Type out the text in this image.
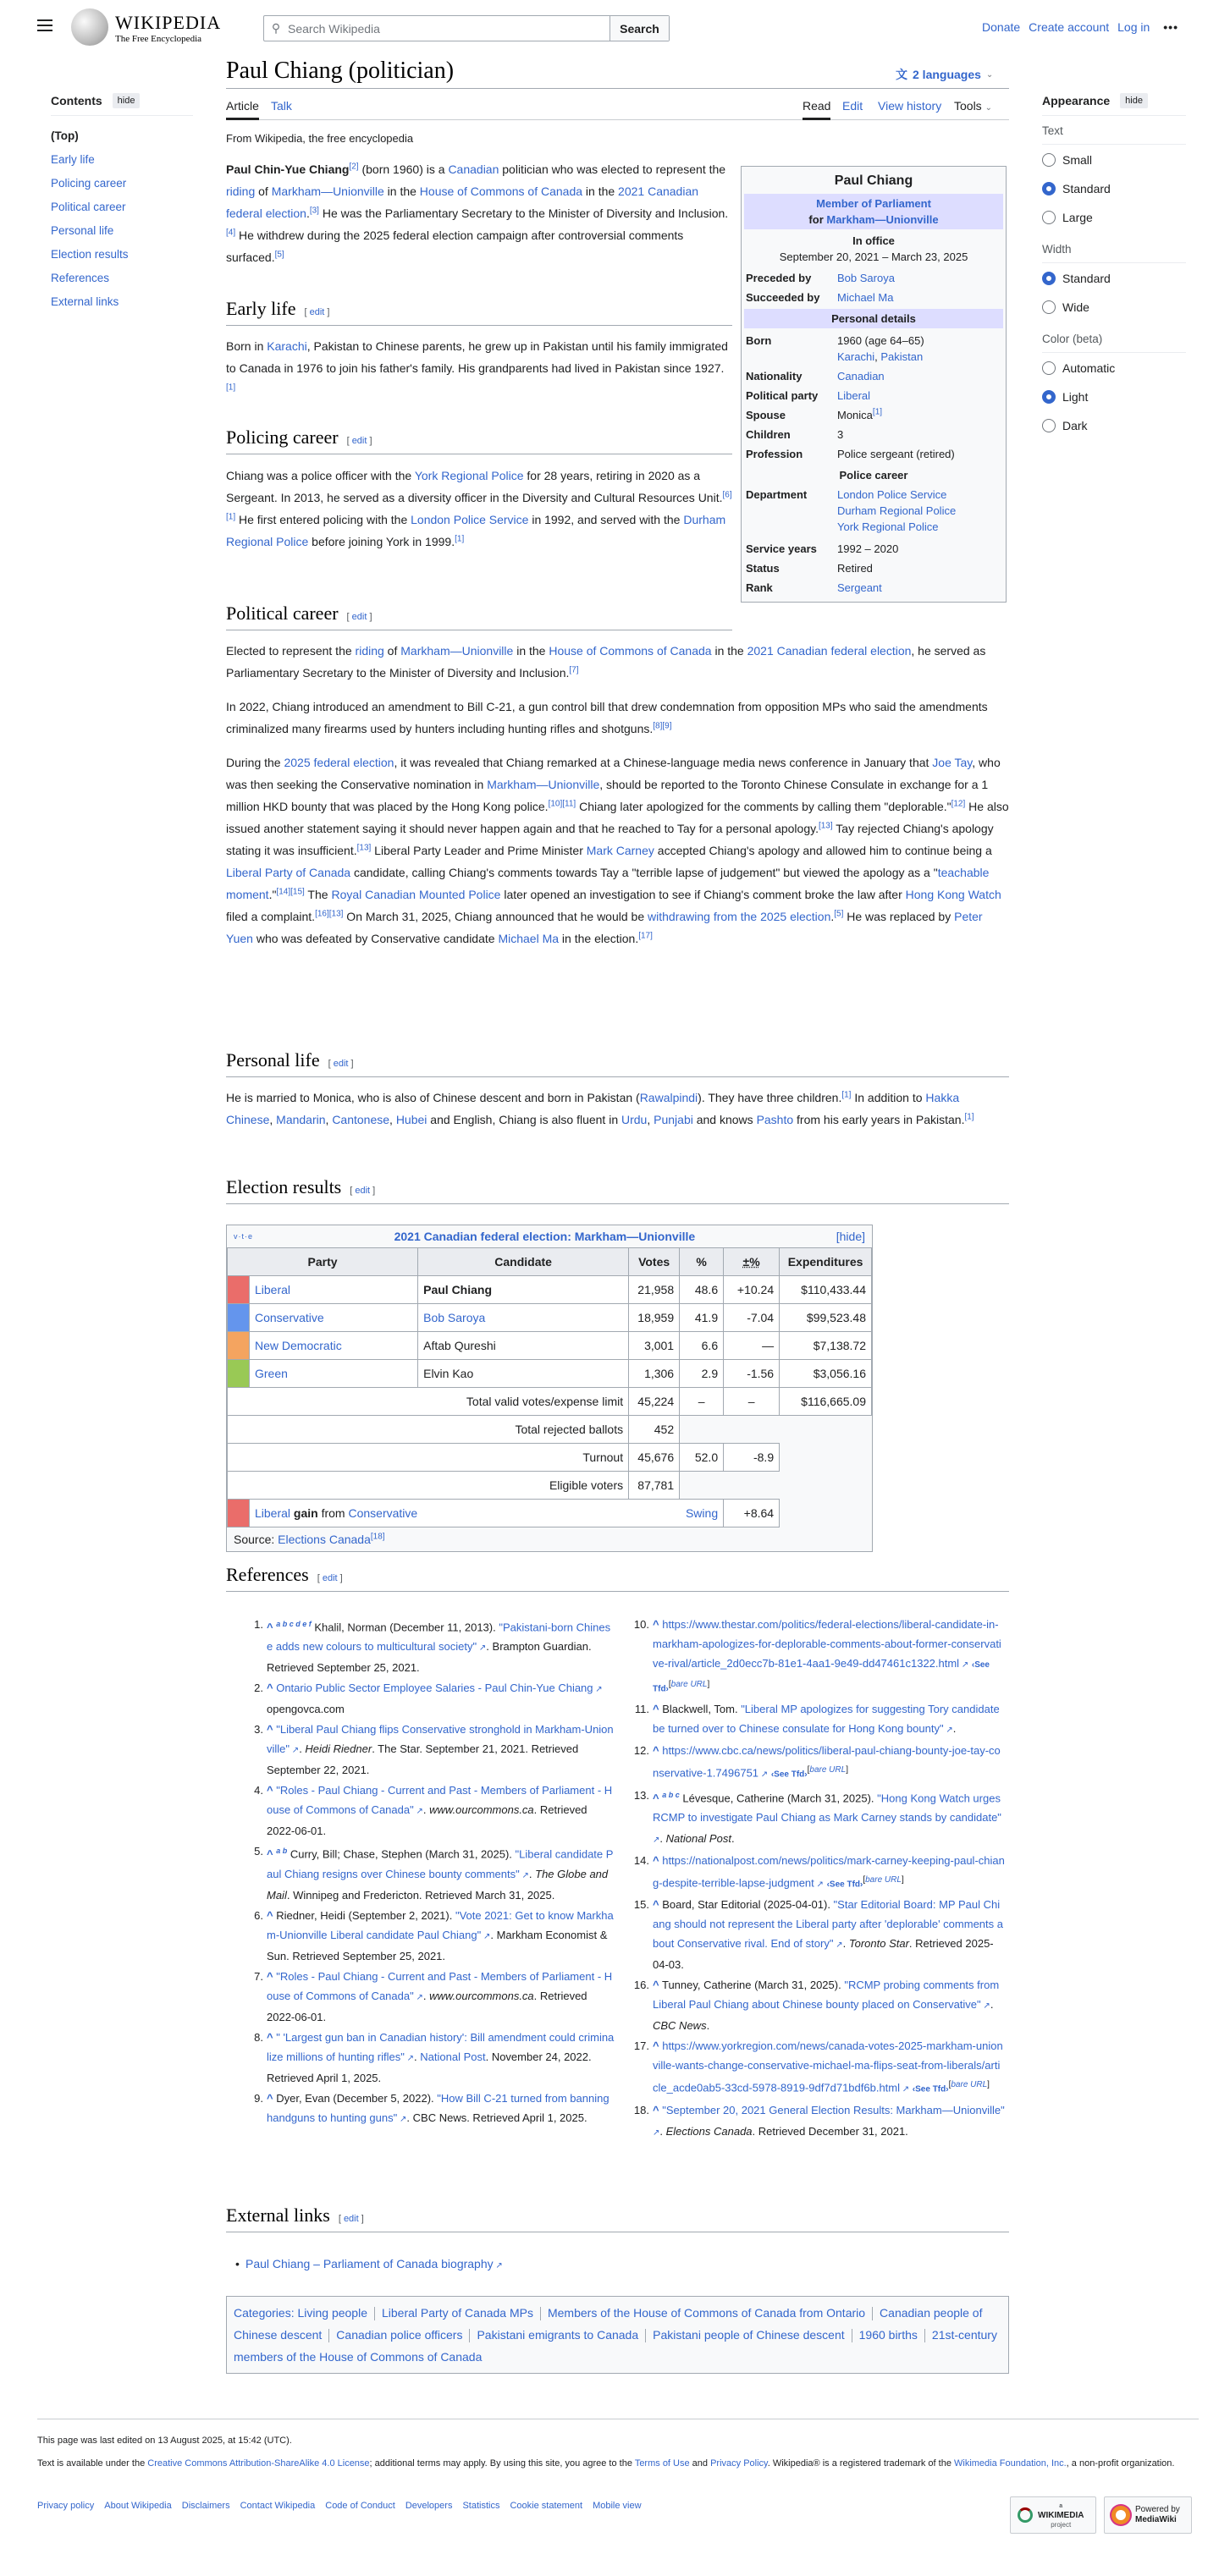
WIKIPEDIA
The Free Encyclopedia
⚲
Search Wikipedia	Search	Donate Create account Log in •••
Paul Chiang (politician)	文 2 languages ⌄
Article Talk	Read Edit View history Tools ⌄
From Wikipedia, the free encyclopedia
Contents	hide
(Top)
Early life
Policing career
Political career
Personal life
Election results
References
External links
Appearance	hide
Text
Small
Standard
Large
Width
Standard
Wide
Color (beta)
Automatic
Light
Dark
Paul Chiang
Member of Parliament
for Markham—Unionville
In office
September 20, 2021 – March 23, 2025
Preceded by	Bob Saroya
Succeeded by	Michael Ma
Personal details
Born	1960 (age 64–65)
Karachi, Pakistan
Nationality	Canadian
Political party	Liberal
Spouse	Monica[1]
Children	3
Profession	Police sergeant (retired)
Police career
Department	London Police Service
Durham Regional Police
York Regional Police
Service years	1992 – 2020
Status	Retired
Rank	Sergeant

Paul Chin-Yue Chiang[2] (born 1960) is a Canadian politician who was elected to represent the riding of Markham—Unionville in the House of Commons of Canada in the 2021 Canadian federal election.[3] He was the Parliamentary Secretary to the Minister of Diversity and Inclusion.[4] He withdrew during the 2025 federal election campaign after controversial comments surfaced.[5]

Early life [ edit ]

Born in Karachi, Pakistan to Chinese parents, he grew up in Pakistan until his family immigrated to Canada in 1976 to join his father's family. His grandparents had lived in Pakistan since 1927.[1]

Policing career [ edit ]

Chiang was a police officer with the York Regional Police for 28 years, retiring in 2020 as a Sergeant. In 2013, he served as a diversity officer in the Diversity and Cultural Resources Unit.[6][1] He first entered policing with the London Police Service in 1992, and served with the Durham Regional Police before joining York in 1999.[1]

Political career [ edit ]

Elected to represent the riding of Markham—Unionville in the House of Commons of Canada in the 2021 Canadian federal election, he served as Parliamentary Secretary to the Minister of Diversity and Inclusion.[7]

In 2022, Chiang introduced an amendment to Bill C-21, a gun control bill that drew condemnation from opposition MPs who said the amendments criminalized many firearms used by hunters including hunting rifles and shotguns.[8][9]

During the 2025 federal election, it was revealed that Chiang remarked at a Chinese-language media news conference in January that Joe Tay, who was then seeking the Conservative nomination in Markham—Unionville, should be reported to the Toronto Chinese Consulate in exchange for a 1 million HKD bounty that was placed by the Hong Kong police.[10][11] Chiang later apologized for the comments by calling them "deplorable."[12] He also issued another statement saying it should never happen again and that he reached to Tay for a personal apology.[13] Tay rejected Chiang's apology stating it was insufficient.[13] Liberal Party Leader and Prime Minister Mark Carney accepted Chiang's apology and allowed him to continue being a Liberal Party of Canada candidate, calling Chiang's comments towards Tay a "terrible lapse of judgement" but viewed the apology as a "teachable moment."[14][15] The Royal Canadian Mounted Police later opened an investigation to see if Chiang's comment broke the law after Hong Kong Watch filed a complaint.[16][13] On March 31, 2025, Chiang announced that he would be withdrawing from the 2025 election.[5] He was replaced by Peter Yuen who was defeated by Conservative candidate Michael Ma in the election.[17]

Personal life [ edit ]

He is married to Monica, who is also of Chinese descent and born in Pakistan (Rawalpindi). They have three children.[1] In addition to Hakka Chinese, Mandarin, Cantonese, Hubei and English, Chiang is also fluent in Urdu, Punjabi and knows Pashto from his early years in Pakistan.[1]

Election results [ edit ]
v·t·e	2021 Canadian federal election: Markham—Unionville	[hide]
Party		Candidate	Votes	%	±%	Expenditures
	Liberal	Paul Chiang	21,958	48.6	+10.24	$110,433.44
	Conservative	Bob Saroya	18,959	41.9	-7.04	$99,523.48
	New Democratic	Aftab Qureshi	3,001	6.6	—	$7,138.72
	Green	Elvin Kao	1,306	2.9	-1.56	$3,056.16
Total valid votes/expense limit			45,224	–	–	$116,665.09
Total rejected ballots			452			
Turnout			45,676	52.0	-8.9	
Eligible voters			87,781			
	Liberal gain from Conservative		Swing		+8.64	
Source: Elections Canada[18]
References [ edit ]
1. ^ $^{a b c d e f}$ Khalil, Norman (December 11, 2013). "Pakistani-born Chinese adds new colours to multicultural society" ↗. Brampton Guardian. Retrieved September 25, 2021.
2. ^ Ontario Public Sector Employee Salaries - Paul Chin-Yue Chiang ↗ opengovca.com
3. ^ "Liberal Paul Chiang flips Conservative stronghold in Markham-Unionville" ↗. Heidi Riedner. The Star. September 21, 2021. Retrieved September 22, 2021.
4. ^ "Roles - Paul Chiang - Current and Past - Members of Parliament - House of Commons of Canada" ↗. www.ourcommons.ca. Retrieved 2022-06-01.
5. ^ $^{a b}$ Curry, Bill; Chase, Stephen (March 31, 2025). "Liberal candidate Paul Chiang resigns over Chinese bounty comments" ↗. The Globe and Mail. Winnipeg and Fredericton. Retrieved March 31, 2025.
6. ^ Riedner, Heidi (September 2, 2021). "Vote 2021: Get to know Markham-Unionville Liberal candidate Paul Chiang" ↗. Markham Economist & Sun. Retrieved September 25, 2021.
7. ^ "Roles - Paul Chiang - Current and Past - Members of Parliament - House of Commons of Canada" ↗. www.ourcommons.ca. Retrieved 2022-06-01.
8. ^ " 'Largest gun ban in Canadian history': Bill amendment could criminalize millions of hunting rifles" ↗. National Post. November 24, 2022. Retrieved April 1, 2025.
9. ^ Dyer, Evan (December 5, 2022). "How Bill C-21 turned from banning handguns to hunting guns" ↗. CBC News. Retrieved April 1, 2025.
10. ^ https://www.thestar.com/politics/federal-elections/liberal-candidate-in-markham-apologizes-for-deplorable-comments-about-former-conservative-rival/article_2d0ecc7b-81e1-4aa1-9e49-dd47461c1322.html ↗ ‹See Tfd›[bare URL]
11. ^ Blackwell, Tom. "Liberal MP apologizes for suggesting Tory candidate be turned over to Chinese consulate for Hong Kong bounty" ↗.
12. ^ https://www.cbc.ca/news/politics/liberal-paul-chiang-bounty-joe-tay-conservative-1.7496751 ↗ ‹See Tfd›[bare URL]
13. ^ $^{a b c}$ Lévesque, Catherine (March 31, 2025). "Hong Kong Watch urges RCMP to investigate Paul Chiang as Mark Carney stands by candidate" ↗. National Post.
14. ^ https://nationalpost.com/news/politics/mark-carney-keeping-paul-chiang-despite-terrible-lapse-judgment ↗ ‹See Tfd›[bare URL]
15. ^ Board, Star Editorial (2025-04-01). "Star Editorial Board: MP Paul Chiang should not represent the Liberal party after 'deplorable' comments about Conservative rival. End of story" ↗. Toronto Star. Retrieved 2025-04-03.
16. ^ Tunney, Catherine (March 31, 2025). "RCMP probing comments from Liberal Paul Chiang about Chinese bounty placed on Conservative" ↗. CBC News.
17. ^ https://www.yorkregion.com/news/canada-votes-2025-markham-unionville-wants-change-conservative-michael-ma-flips-seat-from-liberals/article_acde0ab5-33cd-5978-8919-9df7d71bdf6b.html ↗ ‹See Tfd›[bare URL]
18. ^ "September 20, 2021 General Election Results: Markham—Unionville" ↗. Elections Canada. Retrieved December 31, 2021.
External links [ edit ]
• Paul Chiang – Parliament of Canada biography ↗
Categories: Living people Liberal Party of Canada MPs Members of the House of Commons of Canada from Ontario Canadian people of Chinese descent Canadian police officers Pakistani emigrants to Canada Pakistani people of Chinese descent 1960 births 21st-century members of the House of Commons of Canada
This page was last edited on 13 August 2025, at 15:42 (UTC).
Text is available under the Creative Commons Attribution-ShareAlike 4.0 License; additional terms may apply. By using this site, you agree to the Terms of Use and Privacy Policy. Wikipedia® is a registered trademark of the Wikimedia Foundation, Inc., a non-profit organization.
Privacy policy About Wikipedia Disclaimers Contact Wikipedia Code of Conduct Developers Statistics Cookie statement Mobile view	a
WIKIMEDIA
project
Powered by
MediaWiki
